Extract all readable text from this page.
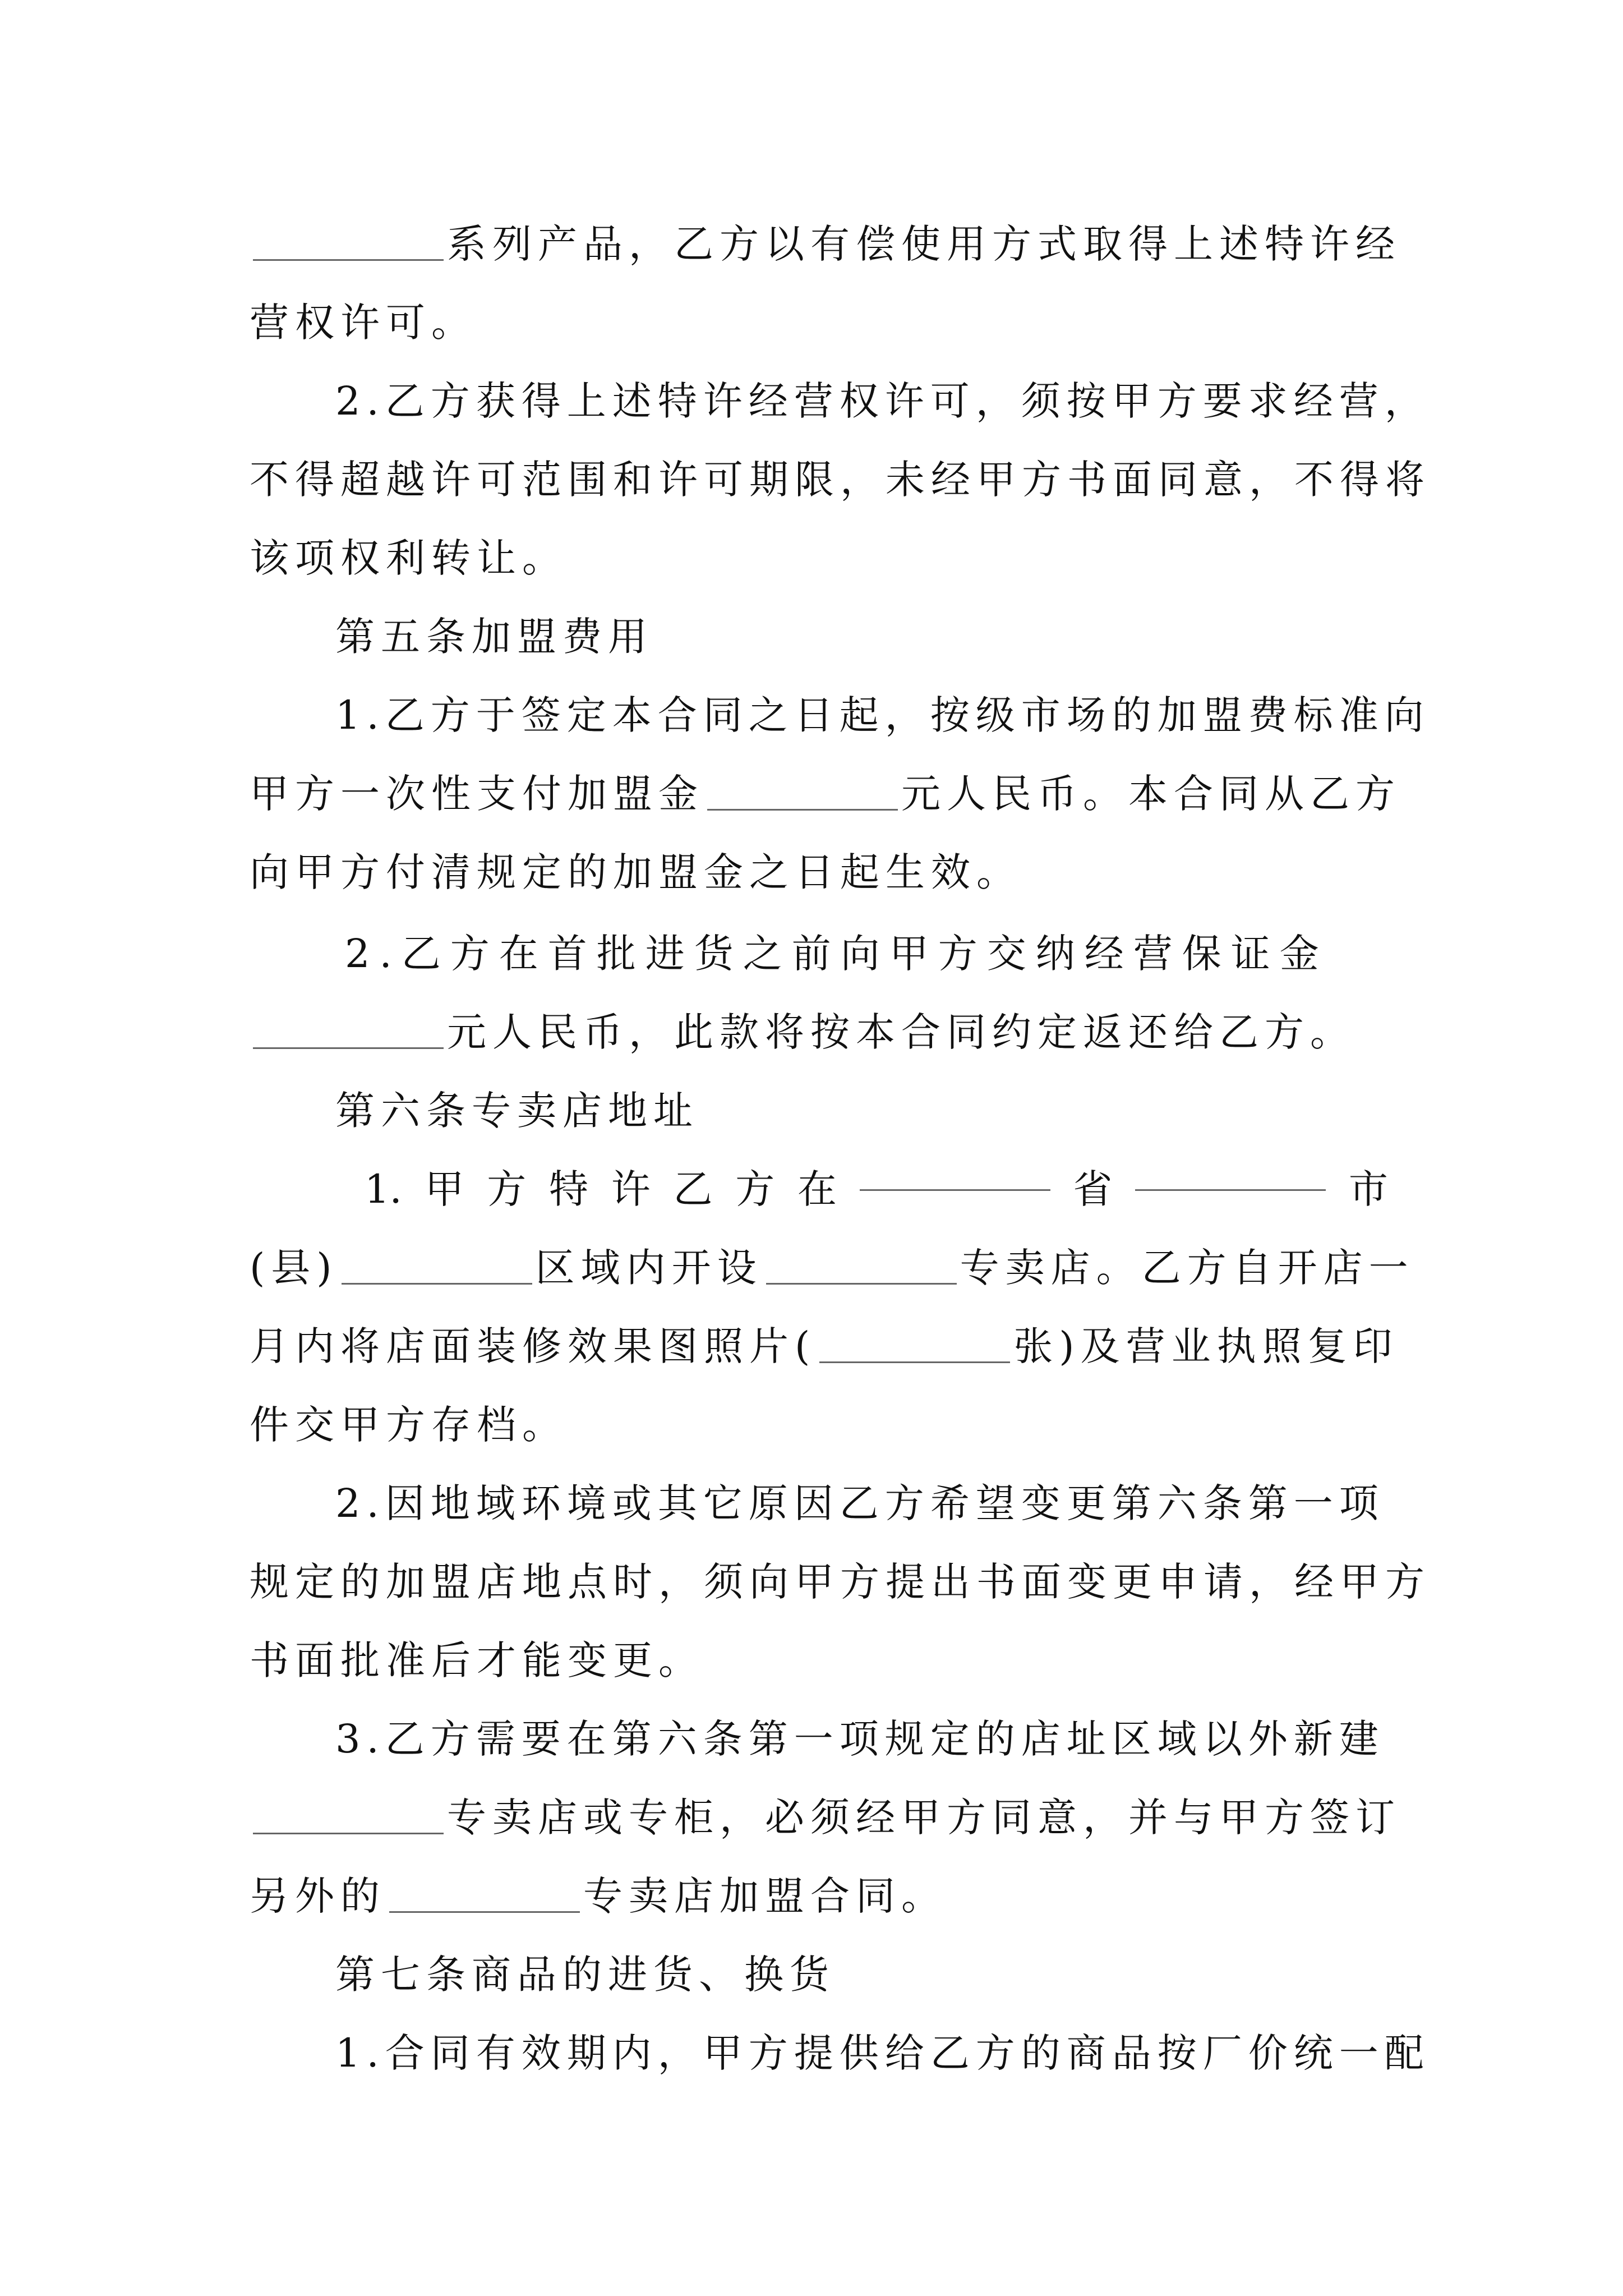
系列产品，乙方以有偿使用方式取得上述特许经
营权许可。
2.乙方获得上述特许经营权许可，须按甲方要求经营，
不得超越许可范围和许可期限，未经甲方书面同意，不得将
该项权利转让。
第五条加盟费用
1.乙方于签定本合同之日起，按级市场的加盟费标准向
甲方一次性支付加盟金	元人民币。本合同从乙方
向甲方付清规定的加盟金之日起生效。
2.乙方在首批进货之前向甲方交纳经营保证金
元人民币，此款将按本合同约定返还给乙方。
第六条专卖店地址
1. 甲 方 特 许 乙 方 在	省	市
(县)	区域内开设	专卖店。乙方自开店一
月内将店面装修效果图照片(	张)及营业执照复印
件交甲方存档。
2.因地域环境或其它原因乙方希望变更第六条第一项
规定的加盟店地点时，须向甲方提出书面变更申请，经甲方
书面批准后才能变更。
3.乙方需要在第六条第一项规定的店址区域以外新建
专卖店或专柜，必须经甲方同意，并与甲方签订
另外的	专卖店加盟合同。
第七条商品的进货、换货
1.合同有效期内，甲方提供给乙方的商品按厂价统一配
